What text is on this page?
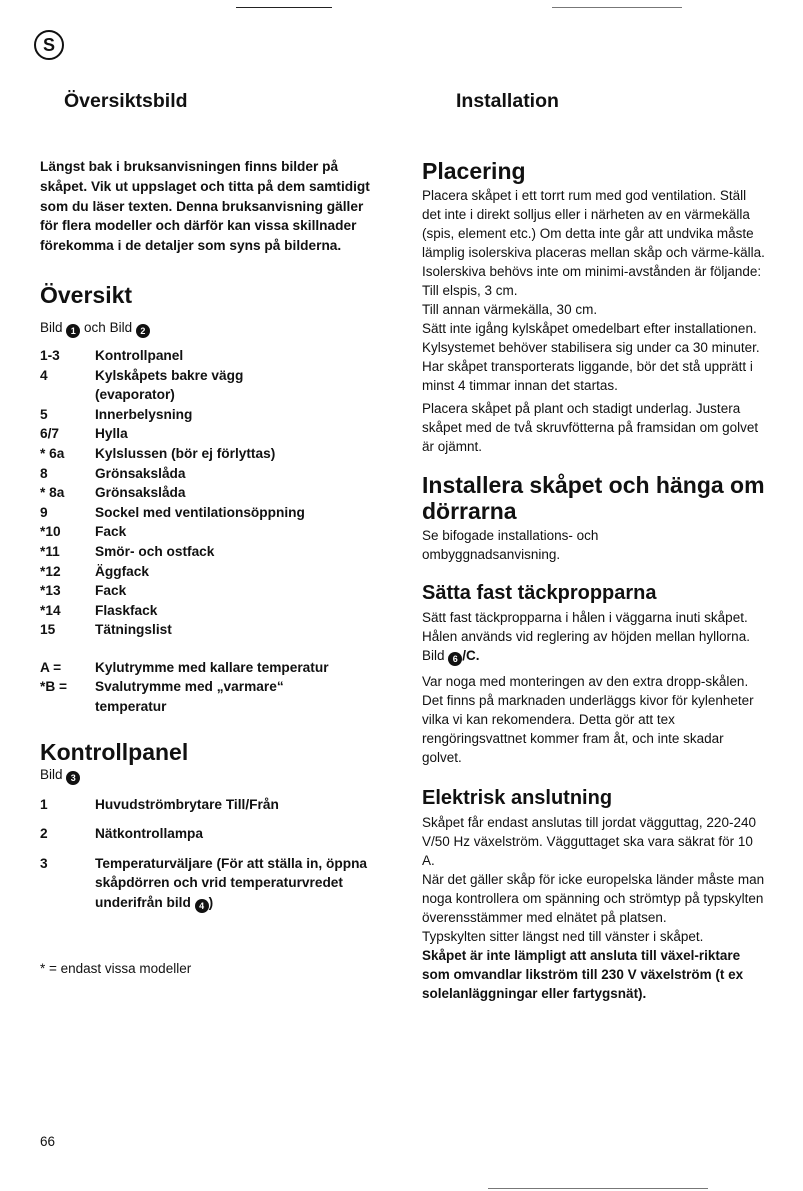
S
Översiktsbild

Längst bak i bruksanvisningen finns bilder på skåpet. Vik ut uppslaget och titta på dem samtidigt som du läser texten. Denna bruksanvisning gäller för flera modeller och därför kan vissa skillnader förekomma i de detaljer som syns på bilderna.

Översikt
Bild 1 och Bild 2
1-3	Kontrollpanel
4	Kylskåpets bakre vägg (evaporator)
5	Innerbelysning
6/7	Hylla
* 6a	Kylslussen (bör ej förlyttas)
8	Grönsakslåda
* 8a	Grönsakslåda
9	Sockel med ventilationsöppning
*10	Fack
*11	Smör- och ostfack
*12	Äggfack
*13	Fack
*14	Flaskfack
15	Tätningslist
A =	Kylutrymme med kallare temperatur
*B =	Svalutrymme med „varmare“ temperatur
Kontrollpanel
Bild 3
1	Huvudströmbrytare Till/Från
2	Nätkontrollampa
3	Temperaturväljare (För att ställa in, öppna skåpdörren och vrid temperaturvredet underifrån bild 4 )

* = endast vissa modeller

66
Installation
Placering

Placera skåpet i ett torrt rum med god ventilation. Ställ det inte i direkt solljus eller i närheten av en värmekälla (spis, element etc.) Om detta inte går att undvika måste lämplig isolerskiva placeras mellan skåp och värme-källa. Isolerskiva behövs inte om minimi-avstånden är följande:

Till elspis, 3 cm.

Till annan värmekälla, 30 cm.

Sätt inte igång kylskåpet omedelbart efter installationen. Kylsystemet behöver stabilisera sig under ca 30 minuter. Har skåpet transporterats liggande, bör det stå upprätt i minst 4 timmar innan det startas.

Placera skåpet på plant och stadigt underlag. Justera skåpet med de två skruvfötterna på framsidan om golvet är ojämnt.

Installera skåpet och hänga om dörrarna

Se bifogade installations- och ombyggnadsanvisning.

Sätta fast täckpropparna

Sätt fast täckpropparna i hålen i väggarna inuti skåpet. Hålen används vid reglering av höjden mellan hyllorna. Bild 6 /C.

Var noga med monteringen av den extra dropp-skålen. Det finns på marknaden underläggs kivor för kylenheter vilka vi kan rekomendera. Detta gör att tex rengöringsvattnet kommer fram åt, och inte skadar golvet.

Elektrisk anslutning

Skåpet får endast anslutas till jordat vägguttag, 220-240 V/50 Hz växelström. Vägguttaget ska vara säkrat för 10 A.

När det gäller skåp för icke europelska länder måste man noga kontrollera om spänning och strömtyp på typskylten överensstämmer med elnätet på platsen.

Typskylten sitter längst ned till vänster i skåpet.

Skåpet är inte lämpligt att ansluta till växel-riktare som omvandlar likström till 230 V växelström (t ex solelanläggningar eller fartygsnät).
